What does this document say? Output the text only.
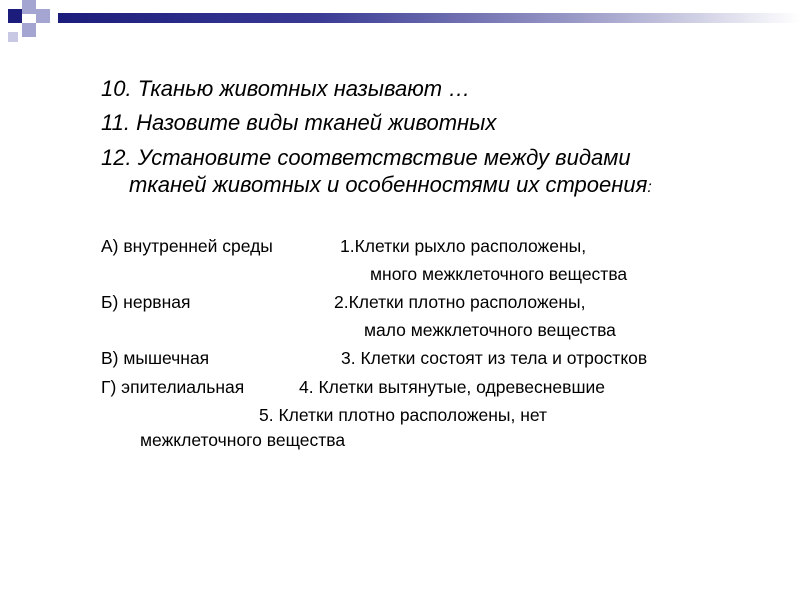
10. Тканью животных называют …

11. Назовите виды тканей животных

12. Установите соответствствие между видами

тканей животных и особенностями их строения:

А) внутренней среды	1.Клетки рыхло расположены,

много межклеточного вещества

Б) нервная	2.Клетки плотно расположены,

мало межклеточного вещества

В) мышечная	3. Клетки состоят из тела и отростков

Г) эпителиальная	4. Клетки вытянутые, одревесневшие

5. Клетки плотно расположены, нет

межклеточного вещества
